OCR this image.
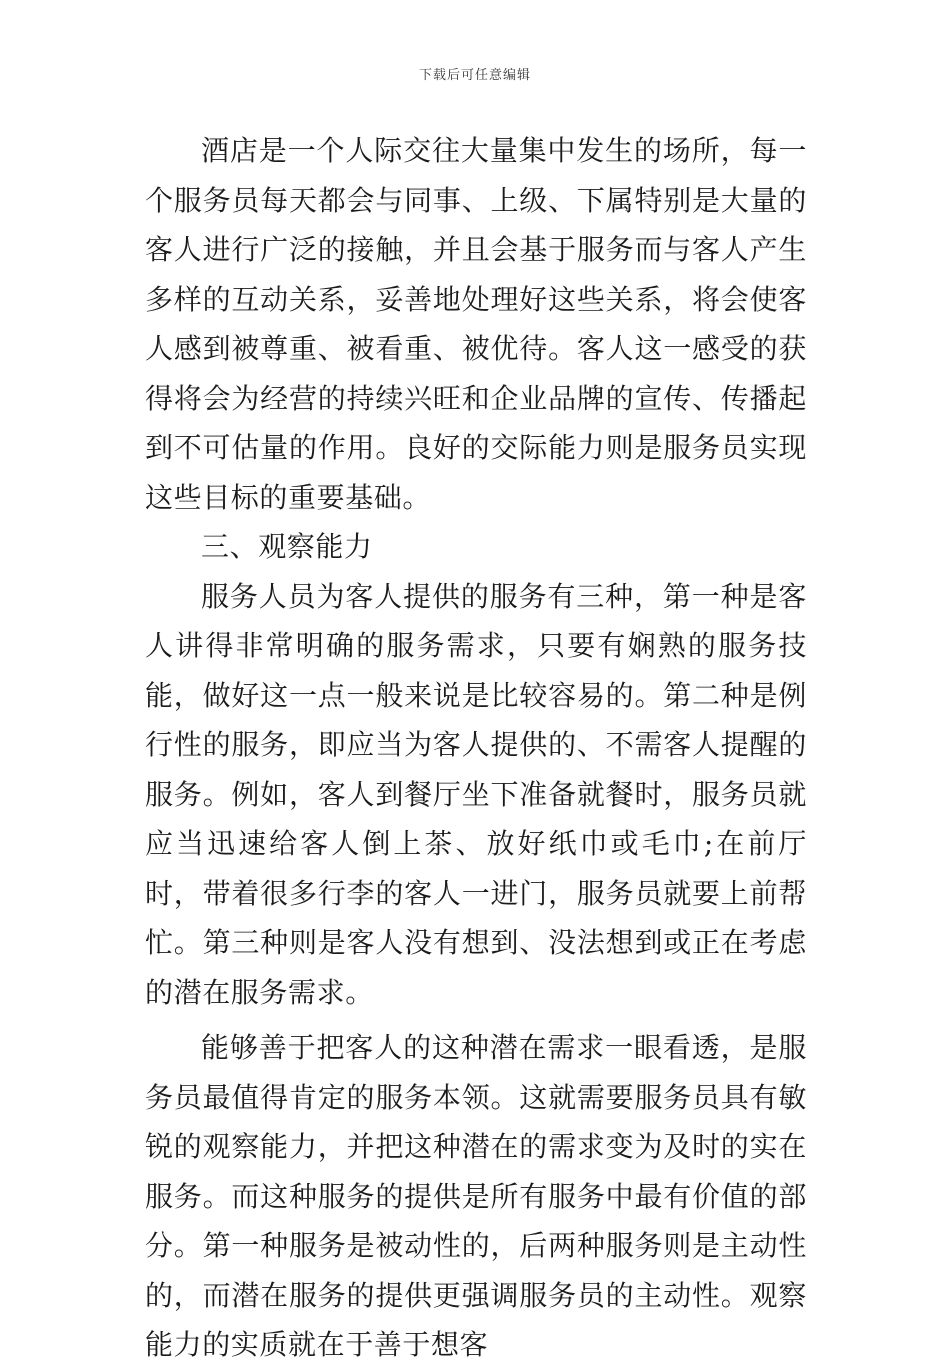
下载后可任意编辑

酒店是一个人际交往大量集中发生的场所，每一个服务员每天都会与同事、上级、下属特别是大量的客人进行广泛的接触，并且会基于服务而与客人产生多样的互动关系，妥善地处理好这些关系，将会使客人感到被尊重、被看重、被优待。客人这一感受的获得将会为经营的持续兴旺和企业品牌的宣传、传播起到不可估量的作用。良好的交际能力则是服务员实现这些目标的重要基础。

三、观察能力

服务人员为客人提供的服务有三种，第一种是客人讲得非常明确的服务需求，只要有娴熟的服务技能，做好这一点一般来说是比较容易的。第二种是例行性的服务，即应当为客人提供的、不需客人提醒的服务。例如，客人到餐厅坐下准备就餐时，服务员就应当迅速给客人倒上茶、放好纸巾或毛巾;在前厅时，带着很多行李的客人一进门，服务员就要上前帮忙。第三种则是客人没有想到、没法想到或正在考虑的潜在服务需求。

能够善于把客人的这种潜在需求一眼看透，是服务员最值得肯定的服务本领。这就需要服务员具有敏锐的观察能力，并把这种潜在的需求变为及时的实在服务。而这种服务的提供是所有服务中最有价值的部分。第一种服务是被动性的，后两种服务则是主动性的，而潜在服务的提供更强调服务员的主动性。观察能力的实质就在于善于想客
